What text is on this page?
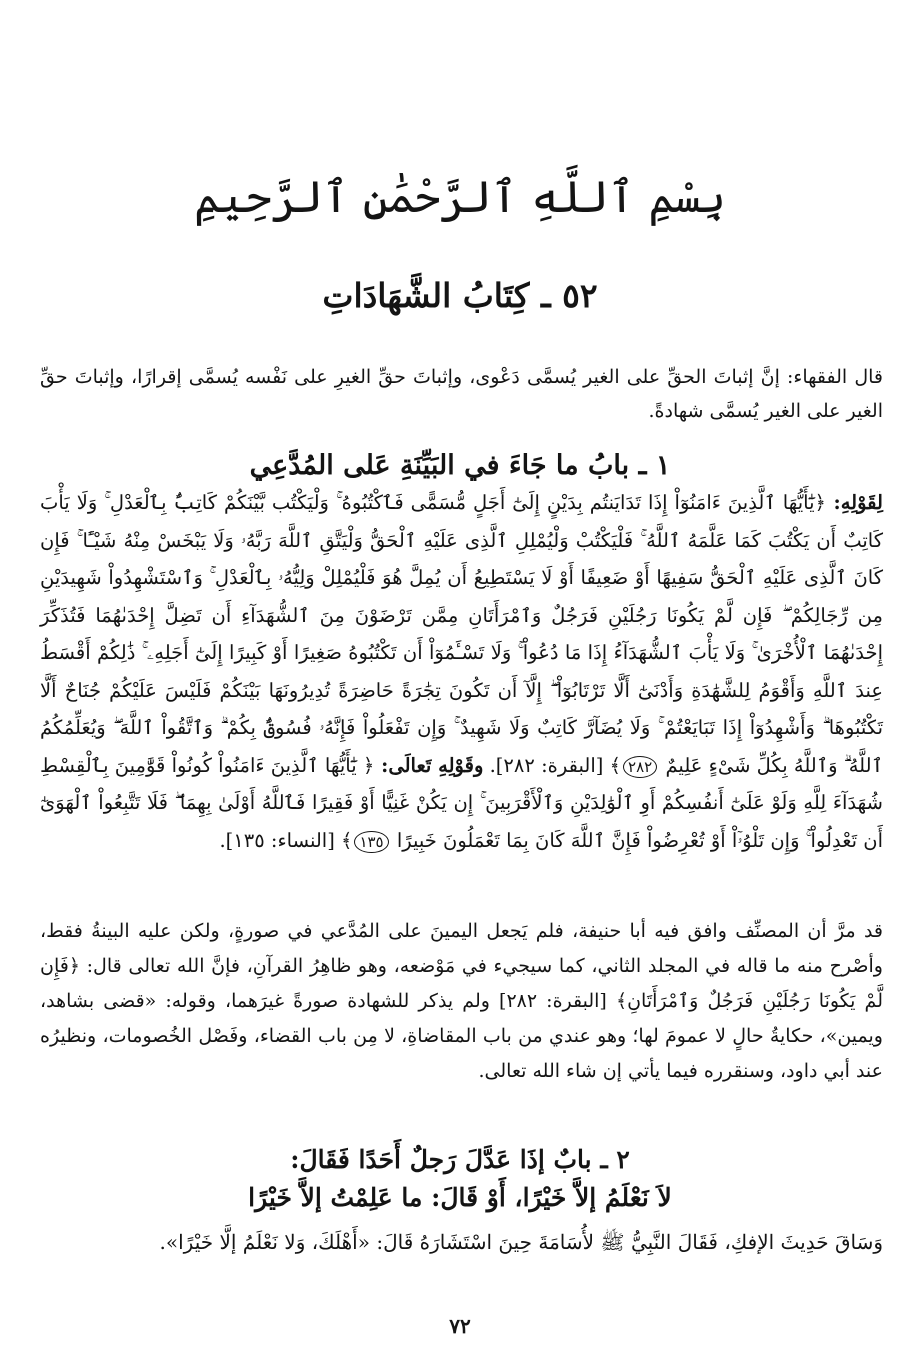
بِسْمِ ٱللَّهِ ٱلرَّحْمَٰنِ ٱلرَّحِيمِ
٥٢ ـ كِتَابُ الشَّهَادَاتِ

قال الفقهاء: إنَّ إثباتَ الحقِّ على الغير يُسمَّى دَعْوى، وإثباتَ حقِّ الغيرِ على نَفْسه يُسمَّى إقرارًا، وإثباتَ حقِّ الغير على الغير يُسمَّى شهادةً.

١ ـ بابُ ما جَاءَ في البَيِّنَةِ عَلى المُدَّعِي

لِقَوْلِهِ: ﴿يَٰٓأَيُّهَا ٱلَّذِينَ ءَامَنُوٓاْ إِذَا تَدَايَنتُم بِدَيْنٍ إِلَىٰٓ أَجَلٍ مُّسَمًّى فَٱكْتُبُوهُ ۚ وَلْيَكْتُب بَّيْنَكُمْ كَاتِبٌۢ بِٱلْعَدْلِ ۚ وَلَا يَأْبَ كَاتِبٌ أَن يَكْتُبَ كَمَا عَلَّمَهُ ٱللَّهُ ۚ فَلْيَكْتُبْ وَلْيُمْلِلِ ٱلَّذِى عَلَيْهِ ٱلْحَقُّ وَلْيَتَّقِ ٱللَّهَ رَبَّهُۥ وَلَا يَبْخَسْ مِنْهُ شَيْـًٔا ۚ فَإِن كَانَ ٱلَّذِى عَلَيْهِ ٱلْحَقُّ سَفِيهًا أَوْ ضَعِيفًا أَوْ لَا يَسْتَطِيعُ أَن يُمِلَّ هُوَ فَلْيُمْلِلْ وَلِيُّهُۥ بِٱلْعَدْلِ ۚ وَٱسْتَشْهِدُواْ شَهِيدَيْنِ مِن رِّجَالِكُمْ ۖ فَإِن لَّمْ يَكُونَا رَجُلَيْنِ فَرَجُلٌ وَٱمْرَأَتَانِ مِمَّن تَرْضَوْنَ مِنَ ٱلشُّهَدَآءِ أَن تَضِلَّ إِحْدَىٰهُمَا فَتُذَكِّرَ إِحْدَىٰهُمَا ٱلْأُخْرَىٰ ۚ وَلَا يَأْبَ ٱلشُّهَدَآءُ إِذَا مَا دُعُواْ ۚ وَلَا تَسْـَٔمُوٓاْ أَن تَكْتُبُوهُ صَغِيرًا أَوْ كَبِيرًا إِلَىٰٓ أَجَلِهِۦ ۚ ذَٰلِكُمْ أَقْسَطُ عِندَ ٱللَّهِ وَأَقْوَمُ لِلشَّهَٰدَةِ وَأَدْنَىٰٓ أَلَّا تَرْتَابُوٓاْ ۖ إِلَّآ أَن تَكُونَ تِجَٰرَةً حَاضِرَةً تُدِيرُونَهَا بَيْنَكُمْ فَلَيْسَ عَلَيْكُمْ جُنَاحٌ أَلَّا تَكْتُبُوهَا ۗ وَأَشْهِدُوٓاْ إِذَا تَبَايَعْتُمْ ۚ وَلَا يُضَآرَّ كَاتِبٌ وَلَا شَهِيدٌ ۚ وَإِن تَفْعَلُواْ فَإِنَّهُۥ فُسُوقٌۢ بِكُمْ ۗ وَٱتَّقُواْ ٱللَّهَ ۖ وَيُعَلِّمُكُمُ ٱللَّهُ ۗ وَٱللَّهُ بِكُلِّ شَىْءٍ عَلِيمٌ ٢٨٢﴾ [البقرة: ٢٨٢]. وقَوْلِهِ تَعالَى: ﴿ يَٰٓأَيُّهَا ٱلَّذِينَ ءَامَنُواْ كُونُواْ قَوَّٰمِينَ بِٱلْقِسْطِ شُهَدَآءَ لِلَّهِ وَلَوْ عَلَىٰٓ أَنفُسِكُمْ أَوِ ٱلْوَٰلِدَيْنِ وَٱلْأَقْرَبِينَ ۚ إِن يَكُنْ غَنِيًّا أَوْ فَقِيرًا فَٱللَّهُ أَوْلَىٰ بِهِمَا ۖ فَلَا تَتَّبِعُواْ ٱلْهَوَىٰٓ أَن تَعْدِلُواْ ۚ وَإِن تَلْوُۥٓاْ أَوْ تُعْرِضُواْ فَإِنَّ ٱللَّهَ كَانَ بِمَا تَعْمَلُونَ خَبِيرًا ١٣٥﴾ [النساء: ١٣٥].

قد مرَّ أن المصنِّف وافق فيه أبا حنيفة، فلم يَجعل اليمينَ على المُدَّعي في صورةٍ، ولكن عليه البينةُ فقط، وأصْرح منه ما قاله في المجلد الثاني، كما سيجيء في مَوْضعه، وهو ظاهِرُ القرآنِ، فإنَّ الله تعالى قال: ﴿فَإِن لَّمْ يَكُونَا رَجُلَيْنِ فَرَجُلٌ وَٱمْرَأَتَانِ﴾ [البقرة: ٢٨٢] ولم يذكر للشهادة صورةً غيرَهما، وقوله: «قضى بشاهد، ويمين»، حكايةُ حالٍ لا عمومَ لها؛ وهو عندي من باب المقاضاةِ، لا مِن باب القضاء، وفَصْل الخُصومات، ونظيرُه عند أبي داود، وسنقرره فيما يأتي إن شاء الله تعالى.

٢ ـ بابٌ إذَا عَدَّلَ رَجلٌ أَحَدًا فَقَالَ:
لاَ نَعْلَمُ إلاَّ خَيْرًا، أَوْ قَالَ: ما عَلِمْتُ إلاَّ خَيْرًا

وَسَاقَ حَدِيثَ الإفكِ، فَقَالَ النَّبِيُّ ﷺ لأُسَامَةَ حِينَ اسْتَشَارَهُ قَالَ: «أَهْلَكَ، وَلا نَعْلَمُ إلَّا خَيْرًا».

٧٢
